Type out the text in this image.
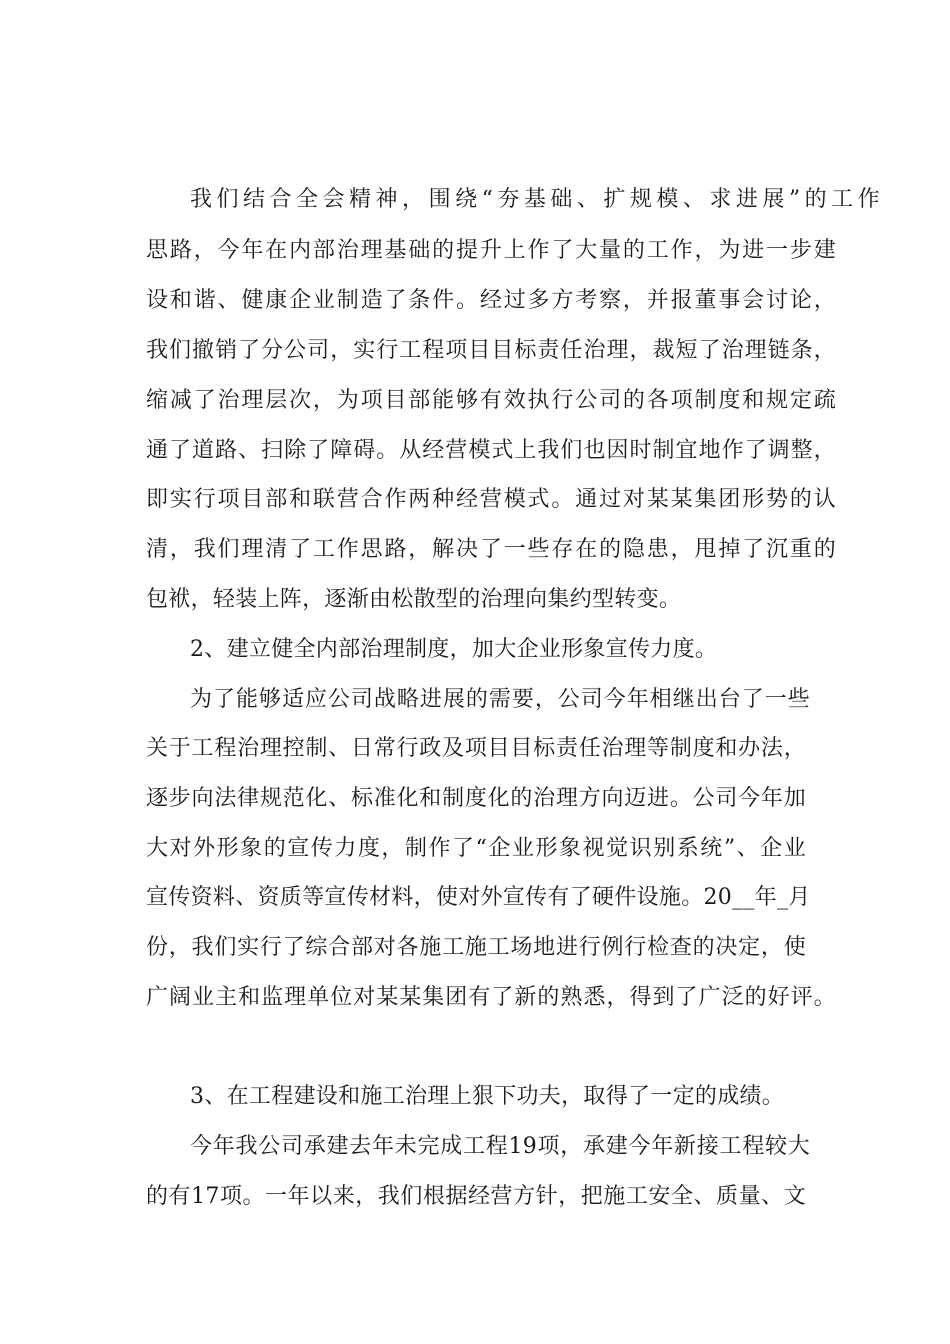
我们结合全会精神，围绕“夯基础、扩规模、求进展”的工作
思路，今年在内部治理基础的提升上作了大量的工作，为进一步建
设和谐、健康企业制造了条件。经过多方考察，并报董事会讨论，
我们撤销了分公司，实行工程项目目标责任治理，裁短了治理链条，
缩减了治理层次，为项目部能够有效执行公司的各项制度和规定疏
通了道路、扫除了障碍。从经营模式上我们也因时制宜地作了调整，
即实行项目部和联营合作两种经营模式。通过对某某集团形势的认
清，我们理清了工作思路，解决了一些存在的隐患，甩掉了沉重的
包袱，轻装上阵，逐渐由松散型的治理向集约型转变。
2、建立健全内部治理制度，加大企业形象宣传力度。
为了能够适应公司战略进展的需要，公司今年相继出台了一些
关于工程治理控制、日常行政及项目目标责任治理等制度和办法，
逐步向法律规范化、标准化和制度化的治理方向迈进。公司今年加
大对外形象的宣传力度，制作了“企业形象视觉识别系统”、企业
宣传资料、资质等宣传材料，使对外宣传有了硬件设施。20__年_月
份，我们实行了综合部对各施工施工场地进行例行检查的决定，使
广阔业主和监理单位对某某集团有了新的熟悉，得到了广泛的好评。
3、在工程建设和施工治理上狠下功夫，取得了一定的成绩。
今年我公司承建去年未完成工程19项，承建今年新接工程较大
的有17项。一年以来，我们根据经营方针，把施工安全、质量、文
